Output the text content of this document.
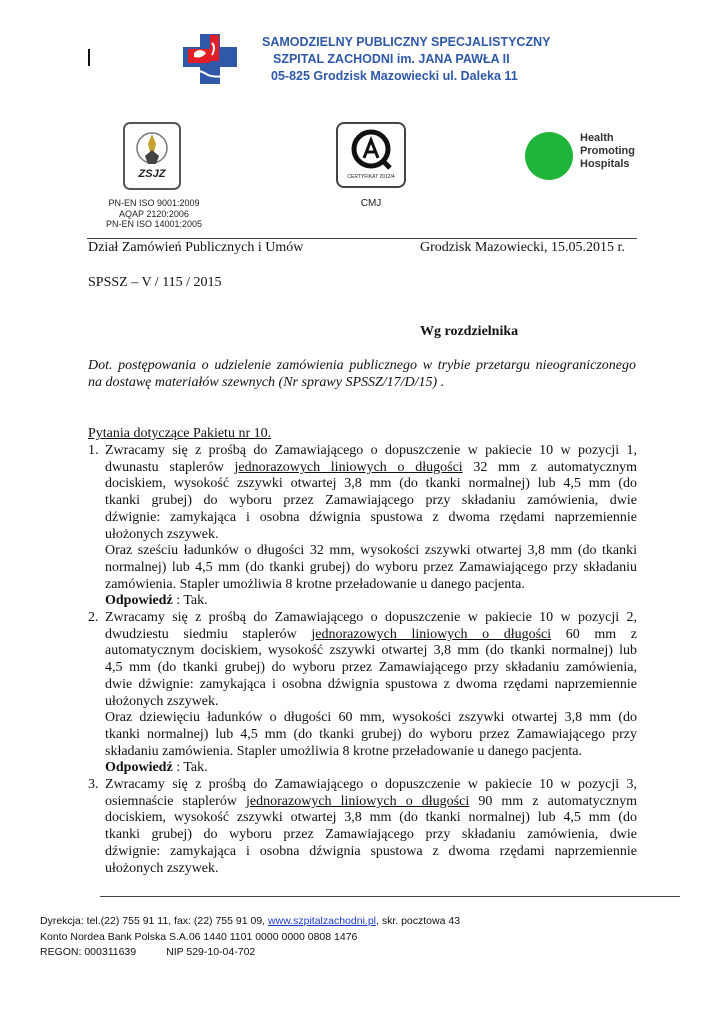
SAMODZIELNY PUBLICZNY SPECJALISTYCZNY
SZPITAL ZACHODNI im. JANA PAWŁA II
05-825 Grodzisk Mazowiecki ul. Daleka 11
ZSJZ
PN-EN ISO 9001:2009
AQAP 2120:2006
PN-EN ISO 14001:2005
CERTYFIKAT 2012/4
CMJ
Health
Promoting
Hospitals
Dział Zamówień Publicznych i Umów	Grodzisk Mazowiecki, 15.05.2015 r.
SPSSZ – V / 115 / 2015
Wg rozdzielnika
Dot. postępowania o udzielenie zamówienia publicznego w trybie przetargu nieograniczonego
na dostawę materiałów szewnych (Nr sprawy SPSSZ/17/D/15) .
Pytania dotyczące Pakietu nr 10.
1. Zwracamy się z prośbą do Zamawiającego o dopuszczenie w pakiecie 10 w pozycji 1,
dwunastu staplerów jednorazowych liniowych o długości 32 mm z automatycznym
dociskiem, wysokość zszywki otwartej 3,8 mm (do tkanki normalnej) lub 4,5 mm (do
tkanki grubej) do wyboru przez Zamawiającego przy składaniu zamówienia, dwie
dźwignie: zamykająca i osobna dźwignia spustowa z dwoma rzędami naprzemiennie
ułożonych zszywek.
Oraz sześciu ładunków o długości 32 mm, wysokości zszywki otwartej 3,8 mm (do tkanki
normalnej) lub 4,5 mm (do tkanki grubej) do wyboru przez Zamawiającego przy składaniu
zamówienia. Stapler umożliwia 8 krotne przeładowanie u danego pacjenta.
Odpowiedź : Tak.
2. Zwracamy się z prośbą do Zamawiającego o dopuszczenie w pakiecie 10 w pozycji 2,
dwudziestu siedmiu staplerów jednorazowych liniowych o długości 60 mm z
automatycznym dociskiem, wysokość zszywki otwartej 3,8 mm (do tkanki normalnej) lub
4,5 mm (do tkanki grubej) do wyboru przez Zamawiającego przy składaniu zamówienia,
dwie dźwignie: zamykająca i osobna dźwignia spustowa z dwoma rzędami naprzemiennie
ułożonych zszywek.
Oraz dziewięciu ładunków o długości 60 mm, wysokości zszywki otwartej 3,8 mm (do
tkanki normalnej) lub 4,5 mm (do tkanki grubej) do wyboru przez Zamawiającego przy
składaniu zamówienia. Stapler umożliwia 8 krotne przeładowanie u danego pacjenta.
Odpowiedź : Tak.
3. Zwracamy się z prośbą do Zamawiającego o dopuszczenie w pakiecie 10 w pozycji 3,
osiemnaście staplerów jednorazowych liniowych o długości 90 mm z automatycznym
dociskiem, wysokość zszywki otwartej 3,8 mm (do tkanki normalnej) lub 4,5 mm (do
tkanki grubej) do wyboru przez Zamawiającego przy składaniu zamówienia, dwie
dźwignie: zamykająca i osobna dźwignia spustowa z dwoma rzędami naprzemiennie
ułożonych zszywek.
Dyrekcja: tel.(22) 755 91 11, fax: (22) 755 91 09, www.szpitalzachodni.pl, skr. pocztowa 43
Konto Nordea Bank Polska S.A.06 1440 1101 0000 0000 0808 1476
REGON: 000311639	NIP 529-10-04-702
